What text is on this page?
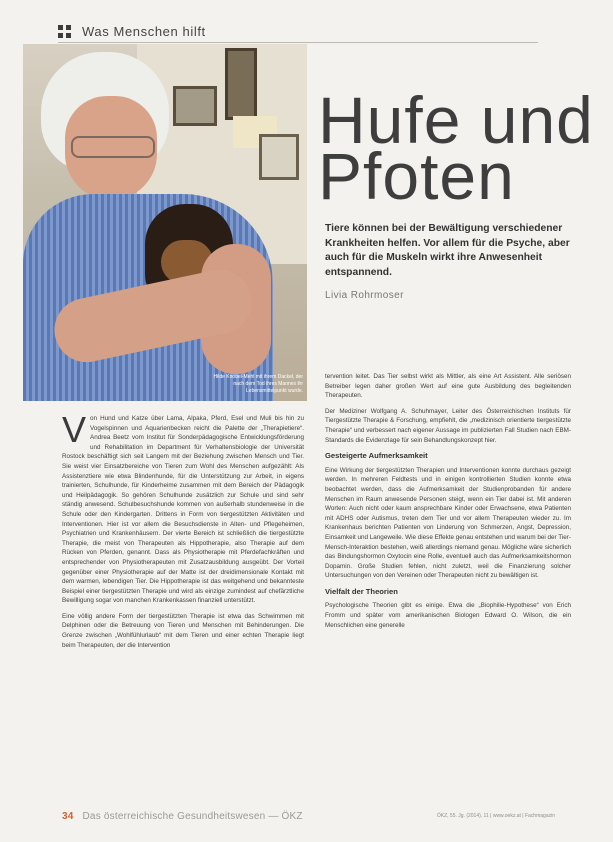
Was Menschen hilft
Hilde Knöbel-Mehl mit ihrem Dackel, der nach dem Tod ihres Mannes ihr Lebensmittelpunkt wurde.
Hufe und
Pfoten
Tiere können bei der Bewältigung verschiedener Krankheiten helfen. Vor allem für die Psyche, aber auch für die Muskeln wirkt ihre Anwesenheit entspannend.
Livia Rohrmoser

Von Hund und Katze über Lama, Alpaka, Pferd, Esel und Muli bis hin zu Vogelspinnen und Aquarienbecken reicht die Palette der „Therapietiere“. Andrea Beetz vom Institut für Sonderpädagogische Entwicklungsförderung und Rehabilitation im Department für Verhaltensbiologie der Universität Rostock beschäftigt sich seit Langem mit der Beziehung zwischen Mensch und Tier. Sie weist vier Einsatzbereiche von Tieren zum Wohl des Menschen aufgezählt: Als Assistenztiere wie etwa Blindenhunde, für die Unterstützung zur Arbeit, in eigens trainierten, Schulhunde, für Kinderheime zusammen mit dem Bereich der Pädagogik und Heilpädagogik. So gehören Schulhunde zusätzlich zur Schule und sind sehr ständig anwesend. Schulbesuchshunde kommen von außerhalb stundenweise in die Schule oder den Kindergarten. Drittens in Form von tiergestützten Aktivitäten und Interventionen. Hier ist vor allem die Besuchsdienste in Alten- und Pflegeheimen, Psychiatrien und Krankenhäusern. Der vierte Bereich ist schließlich die tiergestützte Therapie, die meist von Therapeuten als Hippotherapie, also Therapie auf dem Rücken von Pferden, genannt. Dass als Physiotherapie mit Pferdefachkräften und entsprechender von Physiotherapeuten mit Zusatzausbildung ausgeübt. Der Vorteil gegenüber einer Physiotherapie auf der Matte ist der dreidimensionale Kontakt mit dem warmen, lebendigen Tier. Die Hippotherapie ist das weitgehend und bekannteste Beispiel einer tiergestützten Therapie und wird als einzige zumindest auf chefärztliche Bewilligung sogar von manchen Krankenkassen finanziell unterstützt.

Eine völlig andere Form der tiergestützten Therapie ist etwa das Schwimmen mit Delphinen oder die Betreuung von Tieren und Menschen mit Behinderungen. Die Grenze zwischen „Wohlfühlurlaub“ mit dem Tieren und einer echten Therapie liegt beim Therapeuten, der die Intervention

tervention leitet. Das Tier selbst wirkt als Mittler, als eine Art Assistent. Alle seriösen Betreiber legen daher großen Wert auf eine gute Ausbildung des begleitenden Therapeuten.

Der Mediziner Wolfgang A. Schuhmayer, Leiter des Österreichischen Instituts für Tiergestützte Therapie & Forschung, empfiehlt, die „medizinisch orientierte tiergestützte Therapie“ und verbessert nach eigener Aussage im publizierten Fall Studien nach EBM-Standards die Evidenzlage für sein Behandlungskonzept hier.

Gesteigerte Aufmerksamkeit

Eine Wirkung der tiergestützten Therapien und Interventionen konnte durchaus gezeigt werden. In mehreren Feldtests und in einigen kontrollierten Studien konnte etwa beobachtet werden, dass die Aufmerksamkeit der Studienprobanden für andere Menschen im Raum anwesende Personen steigt, wenn ein Tier dabei ist. Mit anderen Worten: Auch nicht oder kaum ansprechbare Kinder oder Erwachsene, etwa Patienten mit ADHS oder Autismus, treten dem Tier und vor allem Therapeuten wieder zu. Im Krankenhaus berichten Patienten von Linderung von Schmerzen, Angst, Depression, Einsamkeit und Langeweile. Wie diese Effekte genau entstehen und warum bei der Tier-Mensch-Interaktion bestehen, weiß allerdings niemand genau. Mögliche wäre sicherlich das Bindungshormon Oxytocin eine Rolle, eventuell auch das Aufmerksamkeitshormon Dopamin. Große Studien fehlen, nicht zuletzt, weil die Finanzierung solcher Untersuchungen von den Vereinen oder Therapeuten nicht zu bewältigen ist.

Vielfalt der Theorien

Psychologische Theorien gibt es einige. Etwa die „Biophilie-Hypothese“ von Erich Fromm und später vom amerikanischen Biologen Edward O. Wilson, die ein Menschlichen eine generelle

34 Das österreichische Gesundheitswesen — ÖKZ	ÖKZ, 55. Jg. (2014), 11 | www.oekz.at | Fachmagazin
